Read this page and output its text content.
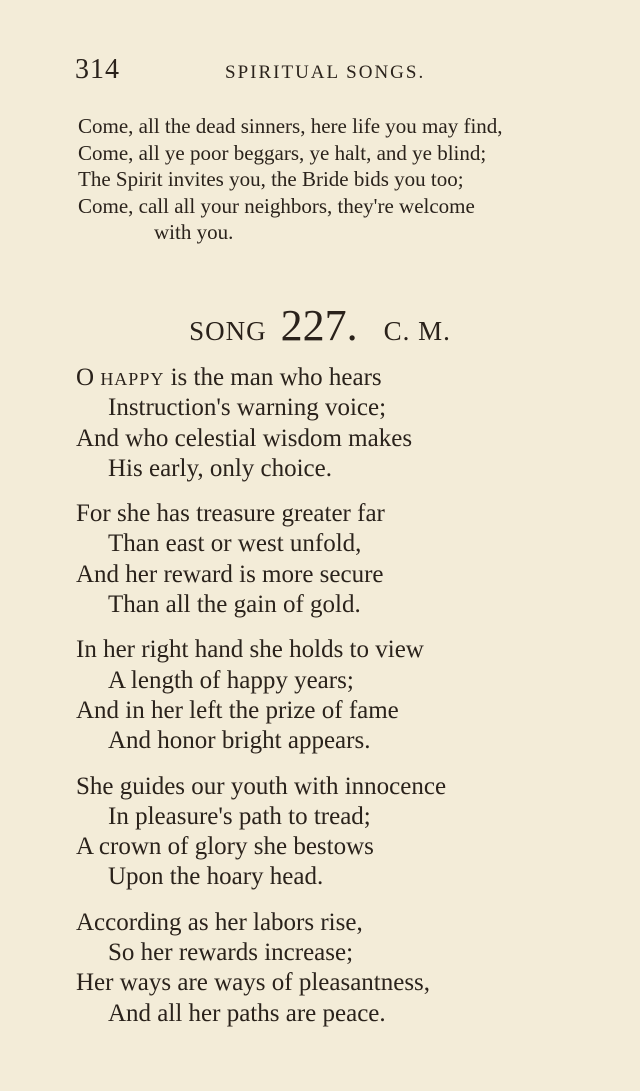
314	SPIRITUAL SONGS.
Come, all the dead sinners, here life you may find,
Come, all ye poor beggars, ye halt, and ye blind;
The Spirit invites you, the Bride bids you too;
Come, call all your neighbors, they're welcome
with you.
SONG 227. C. M.
O happy is the man who hears
Instruction's warning voice;
And who celestial wisdom makes
His early, only choice.
For she has treasure greater far
Than east or west unfold,
And her reward is more secure
Than all the gain of gold.
In her right hand she holds to view
A length of happy years;
And in her left the prize of fame
And honor bright appears.
She guides our youth with innocence
In pleasure's path to tread;
A crown of glory she bestows
Upon the hoary head.
According as her labors rise,
So her rewards increase;
Her ways are ways of pleasantness,
And all her paths are peace.
